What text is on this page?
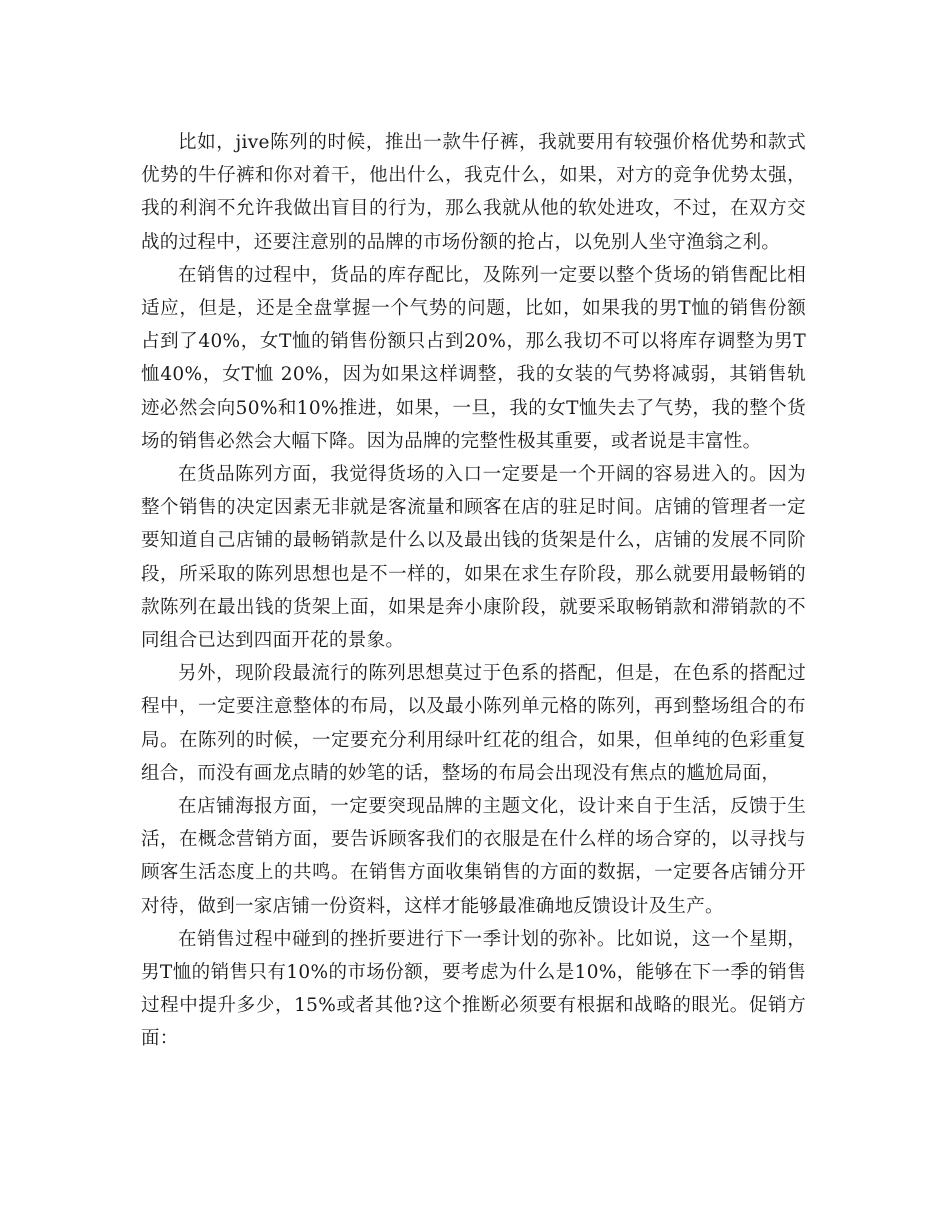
比如，jive陈列的时候，推出一款牛仔裤，我就要用有较强价格优势和款式优势的牛仔裤和你对着干，他出什么，我克什么，如果，对方的竞争优势太强，我的利润不允许我做出盲目的行为，那么我就从他的软处进攻，不过，在双方交战的过程中，还要注意别的品牌的市场份额的抢占，以免别人坐守渔翁之利。

在销售的过程中，货品的库存配比，及陈列一定要以整个货场的销售配比相适应，但是，还是全盘掌握一个气势的问题，比如，如果我的男T恤的销售份额占到了40%，女T恤的销售份额只占到20%，那么我切不可以将库存调整为男T恤40%，女T恤 20%，因为如果这样调整，我的女装的气势将减弱，其销售轨迹必然会向50%和10%推进，如果，一旦，我的女T恤失去了气势，我的整个货场的销售必然会大幅下降。因为品牌的完整性极其重要，或者说是丰富性。

在货品陈列方面，我觉得货场的入口一定要是一个开阔的容易进入的。因为整个销售的决定因素无非就是客流量和顾客在店的驻足时间。店铺的管理者一定要知道自己店铺的最畅销款是什么以及最出钱的货架是什么，店铺的发展不同阶段，所采取的陈列思想也是不一样的，如果在求生存阶段，那么就要用最畅销的款陈列在最出钱的货架上面，如果是奔小康阶段，就要采取畅销款和滞销款的不同组合已达到四面开花的景象。

另外，现阶段最流行的陈列思想莫过于色系的搭配，但是，在色系的搭配过程中，一定要注意整体的布局，以及最小陈列单元格的陈列，再到整场组合的布局。在陈列的时候，一定要充分利用绿叶红花的组合，如果，但单纯的色彩重复组合，而没有画龙点睛的妙笔的话，整场的布局会出现没有焦点的尴尬局面，

在店铺海报方面，一定要突现品牌的主题文化，设计来自于生活，反馈于生活，在概念营销方面，要告诉顾客我们的衣服是在什么样的场合穿的，以寻找与顾客生活态度上的共鸣。在销售方面收集销售的方面的数据，一定要各店铺分开对待，做到一家店铺一份资料，这样才能够最准确地反馈设计及生产。

在销售过程中碰到的挫折要进行下一季计划的弥补。比如说，这一个星期，男T恤的销售只有10%的市场份额，要考虑为什么是10%，能够在下一季的销售过程中提升多少，15%或者其他?这个推断必须要有根据和战略的眼光。促销方面：
